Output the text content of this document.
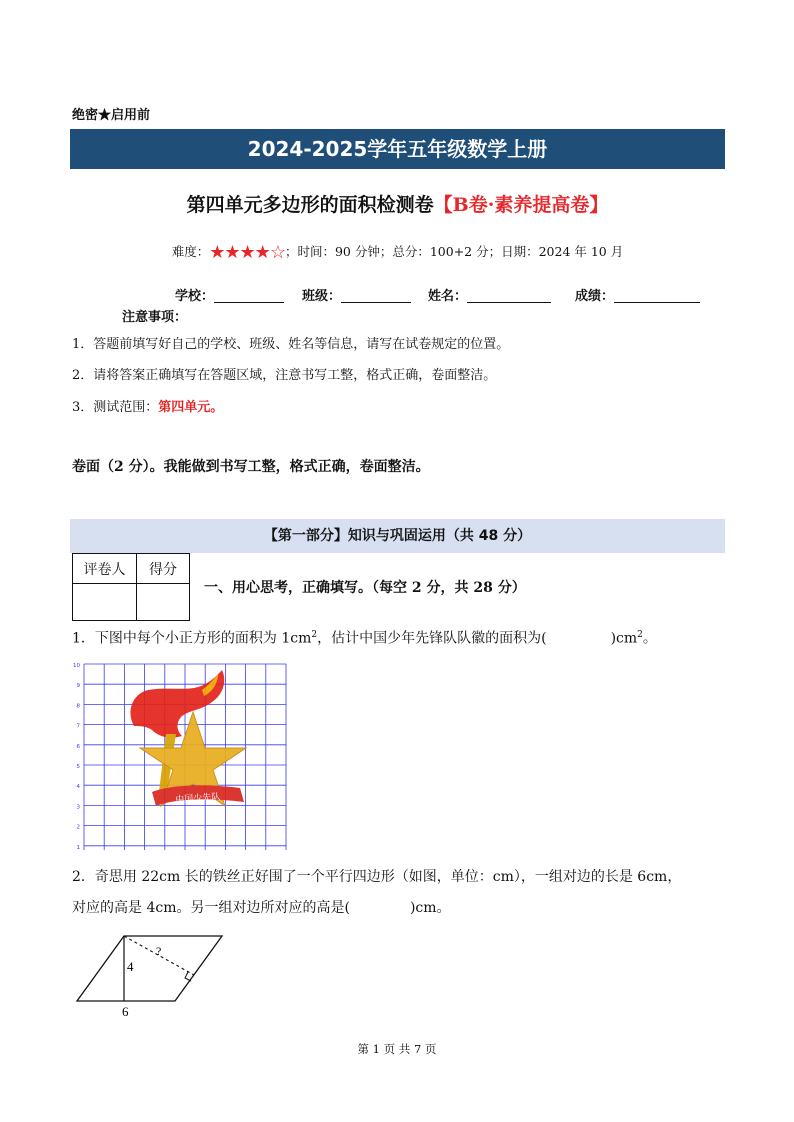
绝密★启用前
2024-2025学年五年级数学上册
第四单元多边形的面积检测卷【B卷·素养提高卷】
难度：★★★★☆；时间：90 分钟；总分：100+2 分；日期：2024 年 10 月
学校：	班级：	姓名：	成绩：
注意事项：
1．答题前填写好自己的学校、班级、姓名等信息，请写在试卷规定的位置。
2．请将答案正确填写在答题区域，注意书写工整，格式正确，卷面整洁。
3．测试范围：第四单元。
卷面（2 分）。我能做到书写工整，格式正确，卷面整洁。
【第一部分】知识与巩固运用（共 48 分）
评卷人	得分

一、用心思考，正确填写。（每空 2 分，共 28 分）
1．下图中每个小正方形的面积为 $1cm^2$，估计中国少年先锋队队徽的面积为(	)$cm^2$。
10
9
8
7
6
5
4
3
2
1
中国少先队
2．奇思用 22cm 长的铁丝正好围了一个平行四边形（如图，单位：cm），一组对边的长是 6cm，
对应的高是 4cm。另一组对边所对应的高是(	)cm。
4
?
6
第 1 页 共 7 页
